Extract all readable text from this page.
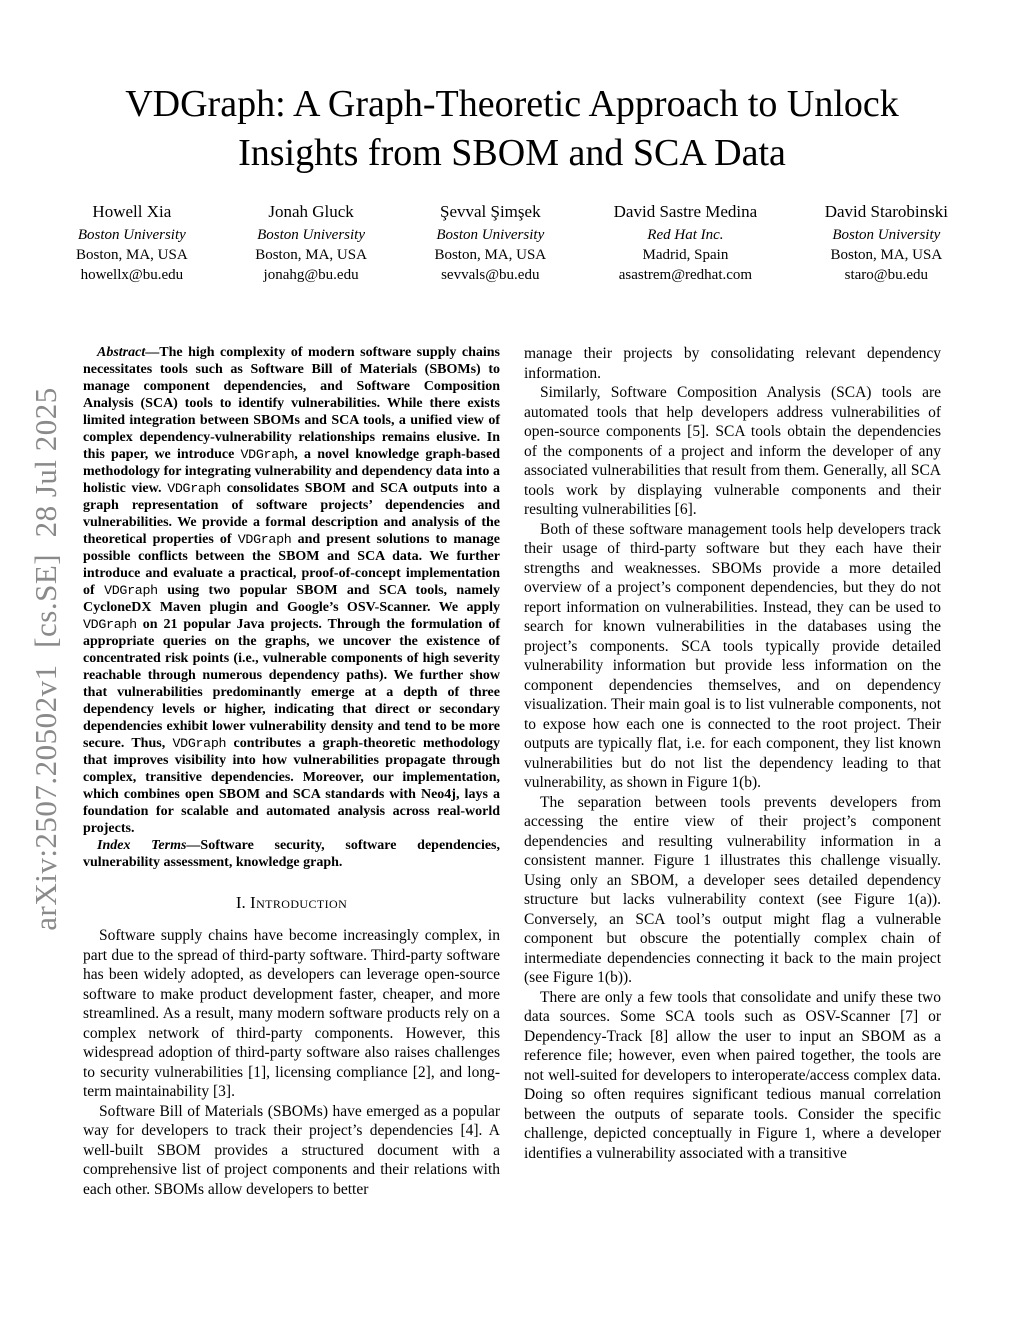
arXiv:2507.20502v1  [cs.SE]  28 Jul 2025
VDGraph: A Graph-Theoretic Approach to Unlock
Insights from SBOM and SCA Data
Howell Xia
Boston University
Boston, MA, USA
howellx@bu.edu
Jonah Gluck
Boston University
Boston, MA, USA
jonahg@bu.edu
Şevval Şimşek
Boston University
Boston, MA, USA
sevvals@bu.edu
David Sastre Medina
Red Hat Inc.
Madrid, Spain
asastrem@redhat.com
David Starobinski
Boston University
Boston, MA, USA
staro@bu.edu

Abstract—The high complexity of modern software supply chains necessitates tools such as Software Bill of Materials (SBOMs) to manage component dependencies, and Software Composition Analysis (SCA) tools to identify vulnerabilities. While there exists limited integration between SBOMs and SCA tools, a unified view of complex dependency-vulnerability relationships remains elusive. In this paper, we introduce VDGraph, a novel knowledge graph-based methodology for integrating vulnerability and dependency data into a holistic view. VDGraph consolidates SBOM and SCA outputs into a graph representation of software projects’ dependencies and vulnerabilities. We provide a formal description and analysis of the theoretical properties of VDGraph and present solutions to manage possible conflicts between the SBOM and SCA data. We further introduce and evaluate a practical, proof-of-concept implementation of VDGraph using two popular SBOM and SCA tools, namely CycloneDX Maven plugin and Google’s OSV-Scanner. We apply VDGraph on 21 popular Java projects. Through the formulation of appropriate queries on the graphs, we uncover the existence of concentrated risk points (i.e., vulnerable components of high severity reachable through numerous dependency paths). We further show that vulnerabilities predominantly emerge at a depth of three dependency levels or higher, indicating that direct or secondary dependencies exhibit lower vulnerability density and tend to be more secure. Thus, VDGraph contributes a graph-theoretic methodology that improves visibility into how vulnerabilities propagate through complex, transitive dependencies. Moreover, our implementation, which combines open SBOM and SCA standards with Neo4j, lays a foundation for scalable and automated analysis across real-world projects.

Index Terms—Software security, software dependencies, vulnerability assessment, knowledge graph.

I. Introduction

Software supply chains have become increasingly complex, in part due to the spread of third-party software. Third-party software has been widely adopted, as developers can leverage open-source software to make product development faster, cheaper, and more streamlined. As a result, many modern software products rely on a complex network of third-party components. However, this widespread adoption of third-party software also raises challenges to security vulnerabilities [1], licensing compliance [2], and long-term maintainability [3].

Software Bill of Materials (SBOMs) have emerged as a popular way for developers to track their project’s dependencies [4]. A well-built SBOM provides a structured document with a comprehensive list of project components and their relations with each other. SBOMs allow developers to better

manage their projects by consolidating relevant dependency information.

Similarly, Software Composition Analysis (SCA) tools are automated tools that help developers address vulnerabilities of open-source components [5]. SCA tools obtain the dependencies of the components of a project and inform the developer of any associated vulnerabilities that result from them. Generally, all SCA tools work by displaying vulnerable components and their resulting vulnerabilities [6].

Both of these software management tools help developers track their usage of third-party software but they each have their strengths and weaknesses. SBOMs provide a more detailed overview of a project’s component dependencies, but they do not report information on vulnerabilities. Instead, they can be used to search for known vulnerabilities in the databases using the project’s components. SCA tools typically provide detailed vulnerability information but provide less information on the component dependencies themselves, and on dependency visualization. Their main goal is to list vulnerable components, not to expose how each one is connected to the root project. Their outputs are typically flat, i.e. for each component, they list known vulnerabilities but do not list the dependency leading to that vulnerability, as shown in Figure 1(b).

The separation between tools prevents developers from accessing the entire view of their project’s component dependencies and resulting vulnerability information in a consistent manner. Figure 1 illustrates this challenge visually. Using only an SBOM, a developer sees detailed dependency structure but lacks vulnerability context (see Figure 1(a)). Conversely, an SCA tool’s output might flag a vulnerable component but obscure the potentially complex chain of intermediate dependencies connecting it back to the main project (see Figure 1(b)).

There are only a few tools that consolidate and unify these two data sources. Some SCA tools such as OSV-Scanner [7] or Dependency-Track [8] allow the user to input an SBOM as a reference file; however, even when paired together, the tools are not well-suited for developers to interoperate/access complex data. Doing so often requires significant tedious manual correlation between the outputs of separate tools. Consider the specific challenge, depicted conceptually in Figure 1, where a developer identifies a vulnerability associated with a transitive
